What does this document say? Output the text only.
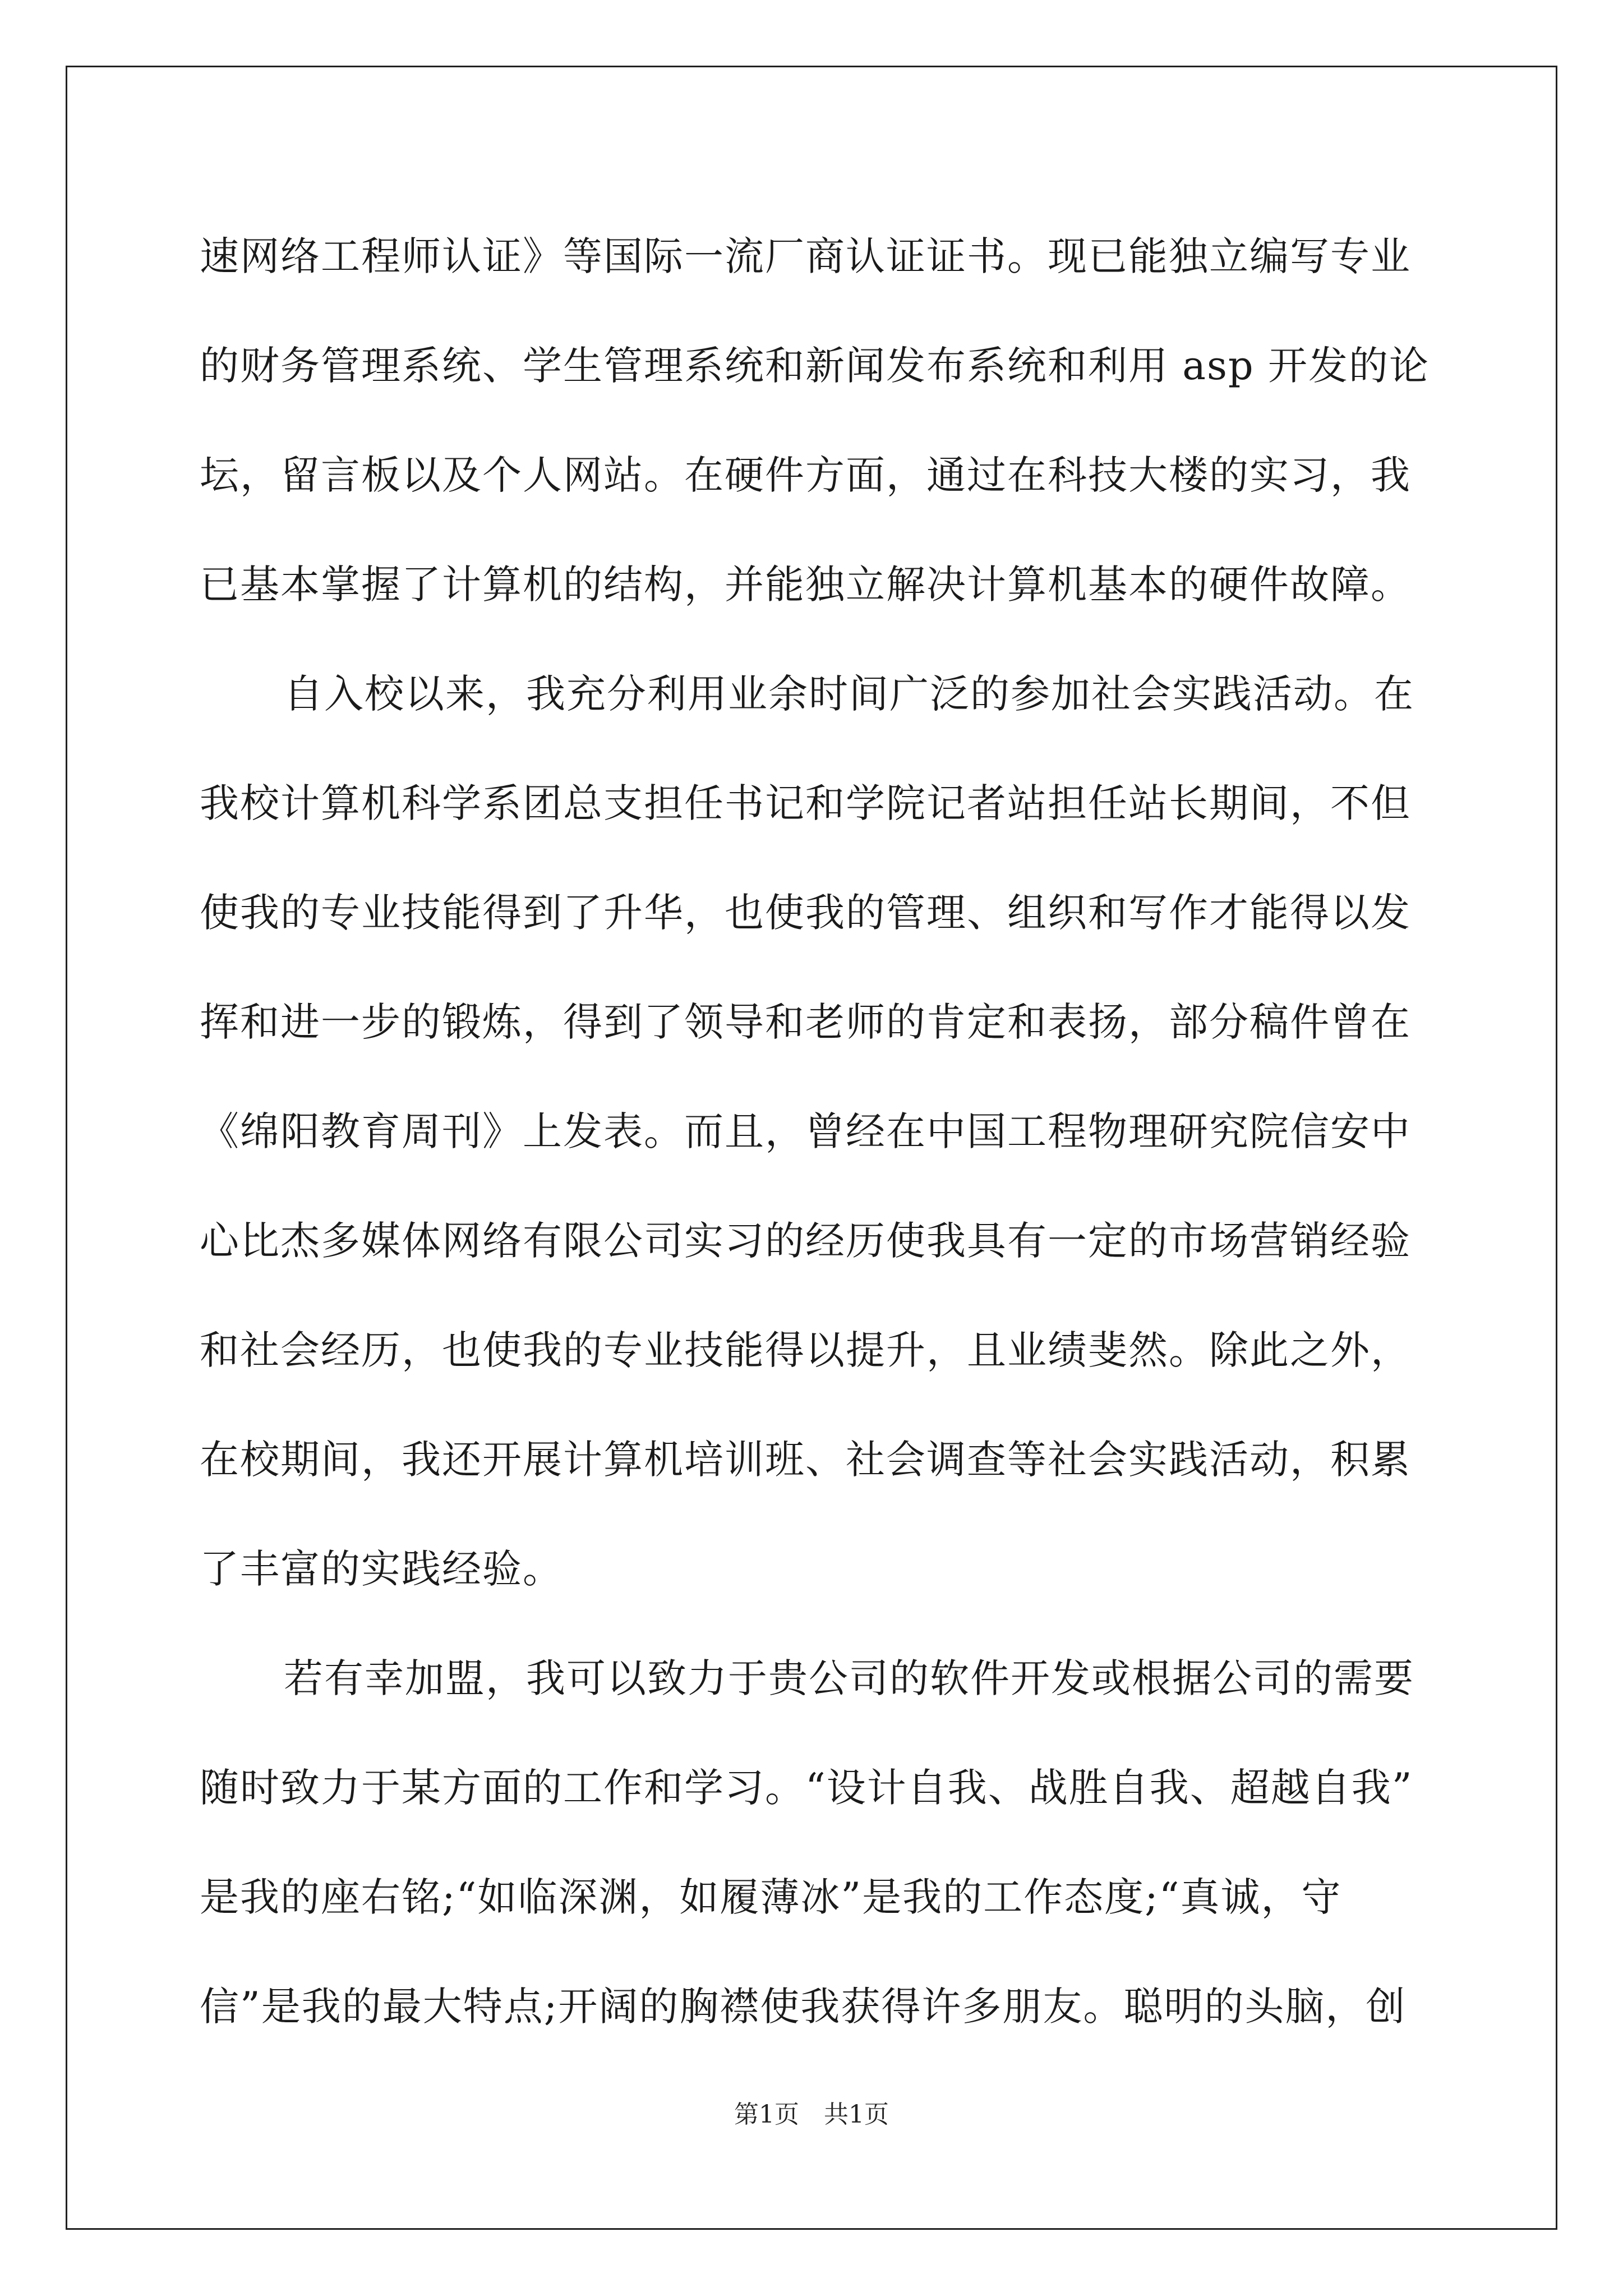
速网络工程师认证》等国际一流厂商认证证书。现已能独立编写专业
的财务管理系统、学生管理系统和新闻发布系统和利用 asp 开发的论
坛，留言板以及个人网站。在硬件方面，通过在科技大楼的实习，我
已基本掌握了计算机的结构，并能独立解决计算机基本的硬件故障。
自入校以来，我充分利用业余时间广泛的参加社会实践活动。在
我校计算机科学系团总支担任书记和学院记者站担任站长期间，不但
使我的专业技能得到了升华，也使我的管理、组织和写作才能得以发
挥和进一步的锻炼，得到了领导和老师的肯定和表扬，部分稿件曾在
《绵阳教育周刊》上发表。而且，曾经在中国工程物理研究院信安中
心比杰多媒体网络有限公司实习的经历使我具有一定的市场营销经验
和社会经历，也使我的专业技能得以提升，且业绩斐然。除此之外，
在校期间，我还开展计算机培训班、社会调查等社会实践活动，积累
了丰富的实践经验。
若有幸加盟，我可以致力于贵公司的软件开发或根据公司的需要
随时致力于某方面的工作和学习。“设计自我、战胜自我、超越自我”
是我的座右铭;“如临深渊，如履薄冰”是我的工作态度;“真诚，守
信”是我的最大特点;开阔的胸襟使我获得许多朋友。聪明的头脑，创
第1页　共1页
